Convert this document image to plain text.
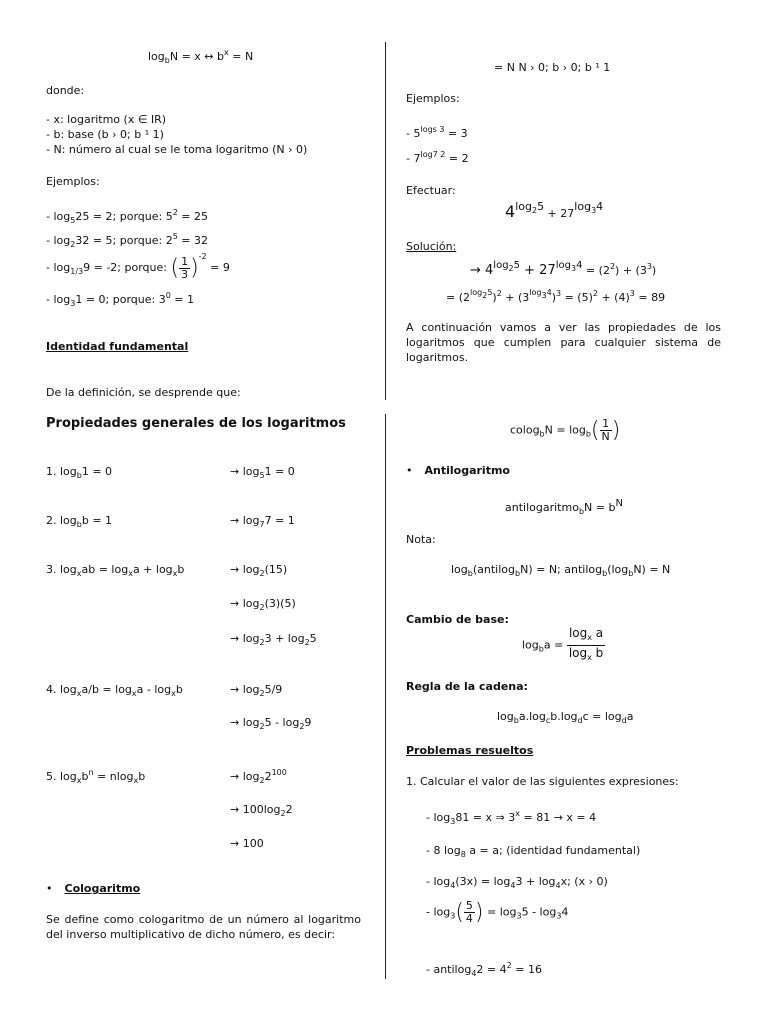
$\log_bN = x$ ↔ $b^x = N$
donde:
- x: logaritmo (x ∈ IR)
- b: base (b › 0; b ¹ 1)
- N: número al cual se le toma logaritmo (N › 0)
Ejemplos:
- $\log_525 = 2$; porque: $5^2 = 25$
- $\log_232 = 5$; porque: $2^5 = 32$
- $\log_{1/3}9 = -2$; porque: ( $\frac{1}{3} )^{-2} = 9$
- $\log_31 = 0$; porque: $3^0 = 1$
Identidad fundamental
De la definición, se desprende que:
= N N › 0; b › 0; b ¹ 1
Ejemplos:
- $5^{logs 3} = 3$
- $7^{log7 2} = 2$
Efectuar:
$4^{log_25} + 27^{log_34}$
Solución:
→ $4^{log_25} + 27^{log_34} = (2^2) + (3^3)$
= $(2^{log_25})^2 + (3^{log_34})^3 = (5)^2 + (4)^3 = 89$
A continuación vamos a ver las propiedades de los logaritmos que cumplen para cualquier sistema de logaritmos.
Propiedades generales de los logaritmos
1. $\log_b1 = 0$	→ $\log_51 = 0$
2. $\log_bb = 1$	→ $\log_77 = 1$
3. $\log_xab = \log_xa + \log_xb$	→ $\log_2(15)$
→ $\log_2(3)(5)$
→ $\log_23 + \log_25$
4. $\log_xa/b = \log_xa - \log_xb$	→ $\log_25/9$
→ $\log_25 - \log_29$
5. $\log_xb^n = nlog_xb$	→ $\log_22^{100}$
→ $100\log_22$
→ 100
• Cologaritmo
Se define como cologaritmo de un número al logaritmo del inverso multiplicativo de dicho número, es decir:
$colog_bN = \log_b( \frac{1}{N}$ )
• Antilogaritmo
antilogaritmo$_b$N = $b^N$
Nota:
$\log_b(antilog_bN) = N$; $antilog_b(\log_bN) = N$
Cambio de base:
$\log_ba = \frac{\log_x a}{\log_x b}$
Regla de la cadena:
$\log_ba.\log_cb.\log_dc = \log_da$
Problemas resueltos
1. Calcular el valor de las siguientes expresiones:
- $\log_381 = x$ ⇒ $3^x = 81 \to x = 4$
- 8 $\log_8 a = a$; (identidad fundamental)
- $\log_4(3x) = \log_43 + \log_4x$; (x › 0)
- $\log_3( \frac{5}{4}$ ) = $\log_35 - \log_34$
- antilog$_4$2 = $4^2 = 16$
